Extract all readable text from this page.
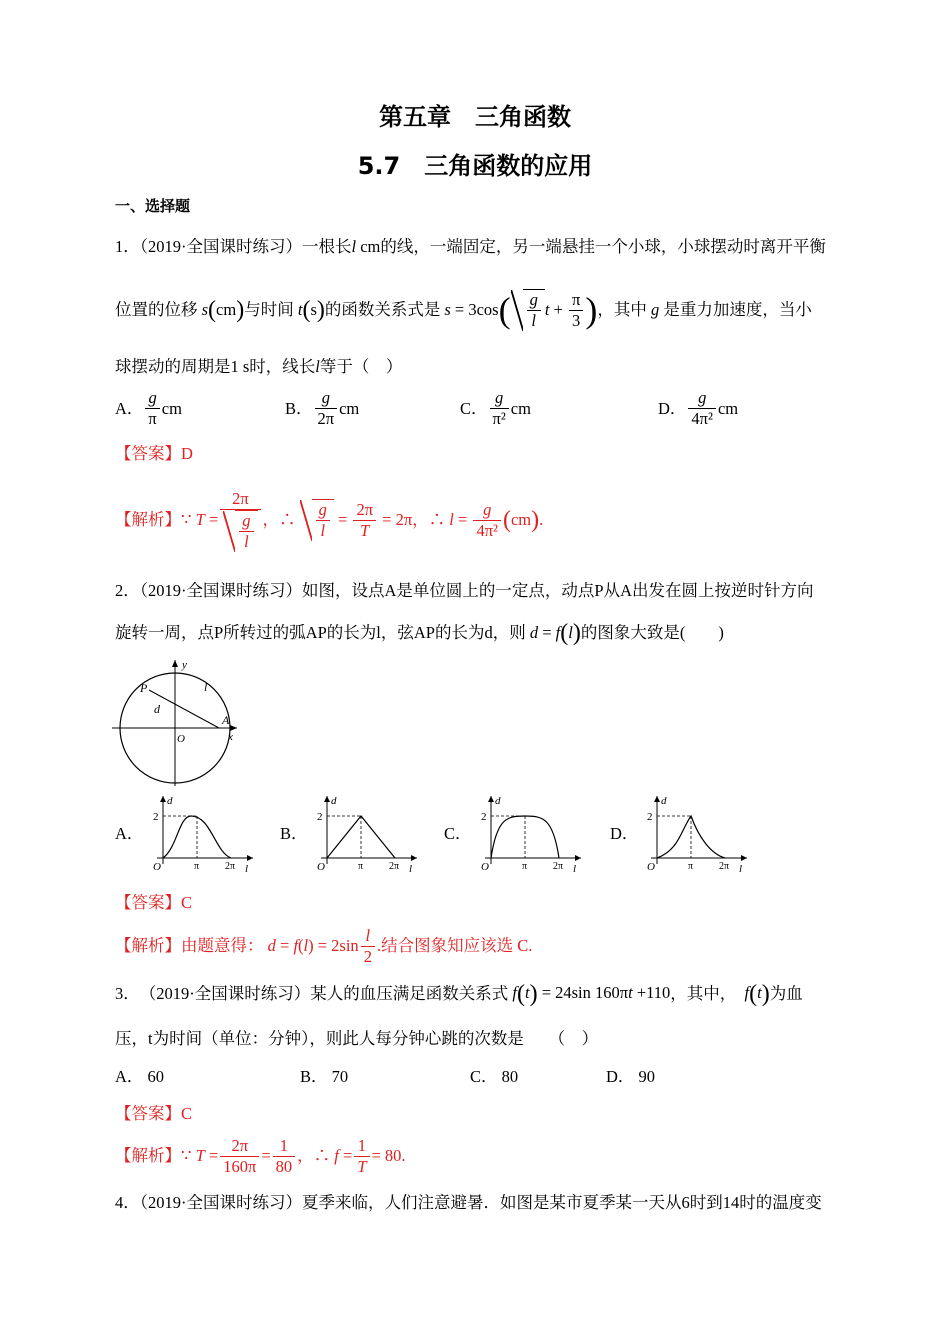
第五章　三角函数
5.7　三角函数的应用
一、选择题
1．（2019·全国课时练习）一根长l cm的线，一端固定，另一端悬挂一个小球，小球摆动时离开平衡
位置的位移 s ( cm ) 与时间 t ( s ) 的函数关系式是 s = 3cos ( $\frac{g}{l}$ $t + \frac{\pi}{3}$ ) ，其中 g 是重力加速度，当小
球摆动的周期是1 s时，线长l等于（　）
A． $\frac{g}{\pi}$ cm	B． $\frac{g}{2\pi}$ cm	C． $\frac{g}{\text{π²}}$ cm	D． $\frac{g}{\text{4π²}}$ cm
【答案】D
【解析】 ∵ $T = \frac{2\pi}{\frac{g}{l}}$ ，∴ $\frac{g}{l} = \frac{2\pi}{T} = 2\pi$，∴ $l = \frac{g}{\text{4π²}}$ ( cm ) .
2．（2019·全国课时练习）如图，设点A是单位圆上的一定点，动点P从A出发在圆上按逆时针方向
旋转一周，点P所转过的弧AP的长为l，弦AP的长为d，则 d = f ( l ) 的图象大致是(　　)
y
x
P	l
d
O
A
A．	B．	C．	D．
d
2
O	π	2π l
d
2
O	π	2π l
d
2
O	π	2π l
d
2
O	π	2π l
【答案】C
【解析】 由题意得： $d = f(l) = 2\sin \frac{l}{2}$ .结合图象知应该选 C.
3． （2019·全国课时练习） 某人的血压满足函数关系式 f(t) = 24sin 160πt +110 ，其中， f(t) 为血
压，t为时间（单位：分钟），则此人每分钟心跳的次数是　　（　）
A． 60	B． 70	C． 80	D． 90
【答案】C
【解析】 ∵ $T = \frac{2\pi}{160\pi} = \frac{1}{80}$ ，∴ $f = \frac{1}{T} = 80$.
4．（2019·全国课时练习）夏季来临，人们注意避暑．如图是某市夏季某一天从6时到14时的温度变
